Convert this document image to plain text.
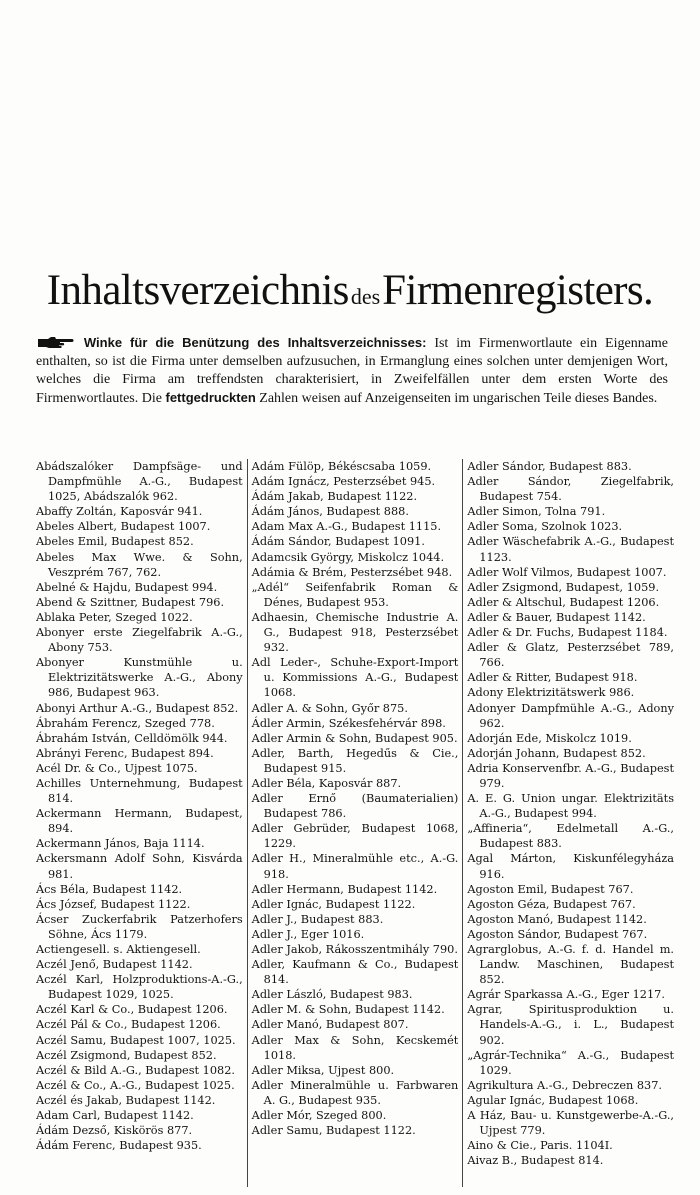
InhaltsverzeichnisdesFirmenregisters.
Winke für die Benützung des Inhaltsverzeichnisses: Ist im Firmenwortlaute ein Eigenname enthalten, so ist die Firma unter demselben aufzusuchen, in Ermanglung eines solchen unter demjenigen Wort, welches die Firma am treffendsten charakterisiert, in Zweifelfällen unter dem ersten Worte des Firmenwortlautes. Die fettgedruckten Zahlen weisen auf Anzeigenseiten im ungarischen Teile dieses Bandes.
Abádszalóker Dampfsäge- und Dampfmühle A.-G., Budapest 1025, Abádszalók 962.
Abaffy Zoltán, Kaposvár 941.
Abeles Albert, Budapest 1007.
Abeles Emil, Budapest 852.
Abeles Max Wwe. & Sohn, Veszprém 767, 762.
Abelné & Hajdu, Budapest 994.
Abend & Szittner, Budapest 796.
Ablaka Peter, Szeged 1022.
Abonyer erste Ziegelfabrik A.-G., Abony 753.
Abonyer Kunstmühle u. Elektrizitätswerke A.-G., Abony 986, Budapest 963.
Abonyi Arthur A.-G., Budapest 852.
Ábrahám Ferencz, Szeged 778.
Ábrahám István, Celldömölk 944.
Abrányi Ferenc, Budapest 894.
Acél Dr. & Co., Ujpest 1075.
Achilles Unternehmung, Budapest 814.
Ackermann Hermann, Budapest, 894.
Ackermann János, Baja 1114.
Ackersmann Adolf Sohn, Kisvárda 981.
Ács Béla, Budapest 1142.
Ács József, Budapest 1122.
Ácser Zuckerfabrik Patzerhofers Söhne, Ács 1179.
Actiengesell. s. Aktiengesell.
Aczél Jenő, Budapest 1142.
Aczél Karl, Holzproduktions-A.-G., Budapest 1029, 1025.
Aczél Karl & Co., Budapest 1206.
Aczél Pál & Co., Budapest 1206.
Aczél Samu, Budapest 1007, 1025.
Aczél Zsigmond, Budapest 852.
Aczél & Bild A.-G., Budapest 1082.
Aczél & Co., A.-G., Budapest 1025.
Aczél és Jakab, Budapest 1142.
Adam Carl, Budapest 1142.
Ádám Dezső, Kiskörös 877.
Ádám Ferenc, Budapest 935.
Adám Fülöp, Békéscsaba 1059.
Adám Ignácz, Pesterzsébet 945.
Ádám Jakab, Budapest 1122.
Ádám János, Budapest 888.
Adam Max A.-G., Budapest 1115.
Ádám Sándor, Budapest 1091.
Adamcsik György, Miskolcz 1044.
Adámia & Brém, Pesterzsébet 948.
„Adél“ Seifenfabrik Roman & Dénes, Budapest 953.
Adhaesin, Chemische Industrie A. G., Budapest 918, Pesterzsébet 932.
Adl Leder-, Schuhe-Export-Import u. Kommissions A.-G., Budapest 1068.
Adler A. & Sohn, Győr 875.
Ádler Armin, Székesfehérvár 898.
Adler Armin & Sohn, Budapest 905.
Adler, Barth, Hegedűs & Cie., Budapest 915.
Adler Béla, Kaposvár 887.
Adler Ernő (Baumaterialien) Budapest 786.
Adler Gebrüder, Budapest 1068, 1229.
Adler H., Mineralmühle etc., A.-G. 918.
Adler Hermann, Budapest 1142.
Adler Ignác, Budapest 1122.
Adler J., Budapest 883.
Adler J., Eger 1016.
Adler Jakob, Rákosszentmihály 790.
Adler, Kaufmann & Co., Budapest 814.
Adler László, Budapest 983.
Adler M. & Sohn, Budapest 1142.
Adler Manó, Budapest 807.
Adler Max & Sohn, Kecskemét 1018.
Adler Miksa, Ujpest 800.
Adler Mineralmühle u. Farbwaren A. G., Budapest 935.
Adler Mór, Szeged 800.
Adler Samu, Budapest 1122.
Adler Sándor, Budapest 883.
Adler Sándor, Ziegelfabrik, Budapest 754.
Adler Simon, Tolna 791.
Adler Soma, Szolnok 1023.
Adler Wäschefabrik A.-G., Budapest 1123.
Adler Wolf Vilmos, Budapest 1007.
Adler Zsigmond, Budapest, 1059.
Adler & Altschul, Budapest 1206.
Adler & Bauer, Budapest 1142.
Adler & Dr. Fuchs, Budapest 1184.
Adler & Glatz, Pesterzsébet 789, 766.
Adler & Ritter, Budapest 918.
Adony Elektrizitätswerk 986.
Adonyer Dampfmühle A.-G., Adony 962.
Adorján Ede, Miskolcz 1019.
Adorján Johann, Budapest 852.
Adria Konservenfbr. A.-G., Budapest 979.
A. E. G. Union ungar. Elektrizitäts A.-G., Budapest 994.
„Affineria“, Edelmetall A.-G., Budapest 883.
Agal Márton, Kiskunfélegyháza 916.
Agoston Emil, Budapest 767.
Agoston Géza, Budapest 767.
Agoston Manó, Budapest 1142.
Agoston Sándor, Budapest 767.
Agrarglobus, A.-G. f. d. Handel m. Landw. Maschinen, Budapest 852.
Agrár Sparkassa A.-G., Eger 1217.
Agrar, Spiritusproduktion u. Handels-A.-G., i. L., Budapest 902.
„Agrár-Technika“ A.-G., Budapest 1029.
Agrikultura A.-G., Debreczen 837.
Agular Ignác, Budapest 1068.
A Ház, Bau- u. Kunstgewerbe-A.-G., Ujpest 779.
Aino & Cie., Paris. 1104I.
Aivaz B., Budapest 814.
